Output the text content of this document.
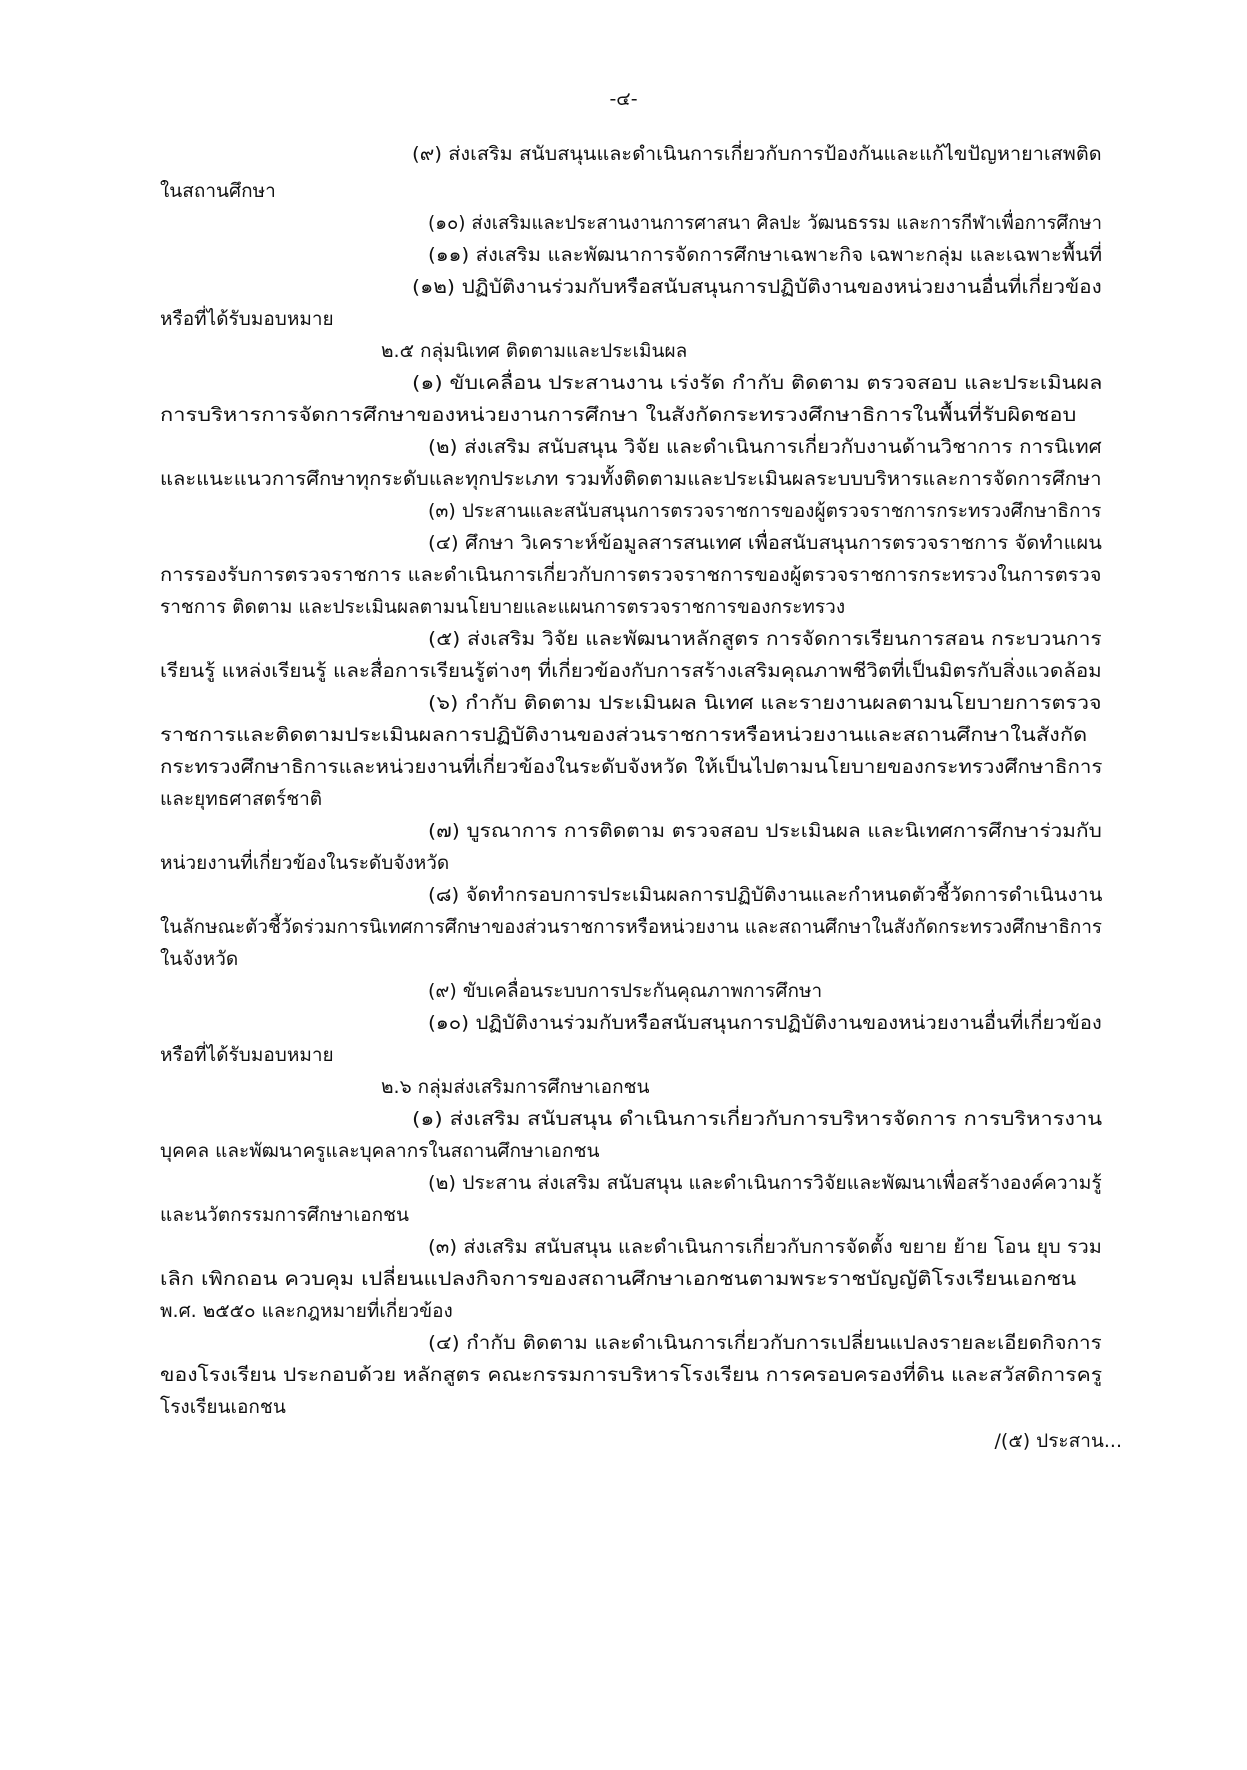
-๔-
(๙) ส่งเสริม สนับสนุนและดำเนินการเกี่ยวกับการป้องกันและแก้ไขปัญหายาเสพติด
ในสถานศึกษา
(๑๐) ส่งเสริมและประสานงานการศาสนา ศิลปะ วัฒนธรรม และการกีฬาเพื่อการศึกษา
(๑๑) ส่งเสริม และพัฒนาการจัดการศึกษาเฉพาะกิจ เฉพาะกลุ่ม และเฉพาะพื้นที่
(๑๒) ปฏิบัติงานร่วมกับหรือสนับสนุนการปฏิบัติงานของหน่วยงานอื่นที่เกี่ยวข้อง
หรือที่ได้รับมอบหมาย
๒.๕ กลุ่มนิเทศ ติดตามและประเมินผล
(๑) ขับเคลื่อน ประสานงาน เร่งรัด กำกับ ติดตาม ตรวจสอบ และประเมินผล
การบริหารการจัดการศึกษาของหน่วยงานการศึกษา ในสังกัดกระทรวงศึกษาธิการในพื้นที่รับผิดชอบ
(๒) ส่งเสริม สนับสนุน วิจัย และดำเนินการเกี่ยวกับงานด้านวิชาการ การนิเทศ
และแนะแนวการศึกษาทุกระดับและทุกประเภท รวมทั้งติดตามและประเมินผลระบบบริหารและการจัดการศึกษา
(๓) ประสานและสนับสนุนการตรวจราชการของผู้ตรวจราชการกระทรวงศึกษาธิการ
(๔) ศึกษา วิเคราะห์ข้อมูลสารสนเทศ เพื่อสนับสนุนการตรวจราชการ จัดทำแผน
การรองรับการตรวจราชการ และดำเนินการเกี่ยวกับการตรวจราชการของผู้ตรวจราชการกระทรวงในการตรวจ
ราชการ ติดตาม และประเมินผลตามนโยบายและแผนการตรวจราชการของกระทรวง
(๕) ส่งเสริม วิจัย และพัฒนาหลักสูตร การจัดการเรียนการสอน กระบวนการ
เรียนรู้ แหล่งเรียนรู้ และสื่อการเรียนรู้ต่างๆ ที่เกี่ยวข้องกับการสร้างเสริมคุณภาพชีวิตที่เป็นมิตรกับสิ่งแวดล้อม
(๖) กำกับ ติดตาม ประเมินผล นิเทศ และรายงานผลตามนโยบายการตรวจ
ราชการและติดตามประเมินผลการปฏิบัติงานของส่วนราชการหรือหน่วยงานและสถานศึกษาในสังกัด
กระทรวงศึกษาธิการและหน่วยงานที่เกี่ยวข้องในระดับจังหวัด ให้เป็นไปตามนโยบายของกระทรวงศึกษาธิการ
และยุทธศาสตร์ชาติ
(๗) บูรณาการ การติดตาม ตรวจสอบ ประเมินผล และนิเทศการศึกษาร่วมกับ
หน่วยงานที่เกี่ยวข้องในระดับจังหวัด
(๘) จัดทำกรอบการประเมินผลการปฏิบัติงานและกำหนดตัวชี้วัดการดำเนินงาน
ในลักษณะตัวชี้วัดร่วมการนิเทศการศึกษาของส่วนราชการหรือหน่วยงาน และสถานศึกษาในสังกัดกระทรวงศึกษาธิการ
ในจังหวัด
(๙) ขับเคลื่อนระบบการประกันคุณภาพการศึกษา
(๑๐) ปฏิบัติงานร่วมกับหรือสนับสนุนการปฏิบัติงานของหน่วยงานอื่นที่เกี่ยวข้อง
หรือที่ได้รับมอบหมาย
๒.๖ กลุ่มส่งเสริมการศึกษาเอกชน
(๑) ส่งเสริม สนับสนุน ดำเนินการเกี่ยวกับการบริหารจัดการ การบริหารงาน
บุคคล และพัฒนาครูและบุคลากรในสถานศึกษาเอกชน
(๒) ประสาน ส่งเสริม สนับสนุน และดำเนินการวิจัยและพัฒนาเพื่อสร้างองค์ความรู้
และนวัตกรรมการศึกษาเอกชน
(๓) ส่งเสริม สนับสนุน และดำเนินการเกี่ยวกับการจัดตั้ง ขยาย ย้าย โอน ยุบ รวม
เลิก เพิกถอน ควบคุม เปลี่ยนแปลงกิจการของสถานศึกษาเอกชนตามพระราชบัญญัติโรงเรียนเอกชน
พ.ศ. ๒๕๕๐ และกฎหมายที่เกี่ยวข้อง
(๔) กำกับ ติดตาม และดำเนินการเกี่ยวกับการเปลี่ยนแปลงรายละเอียดกิจการ
ของโรงเรียน ประกอบด้วย หลักสูตร คณะกรรมการบริหารโรงเรียน การครอบครองที่ดิน และสวัสดิการครู
โรงเรียนเอกชน
/(๕) ประสาน...
